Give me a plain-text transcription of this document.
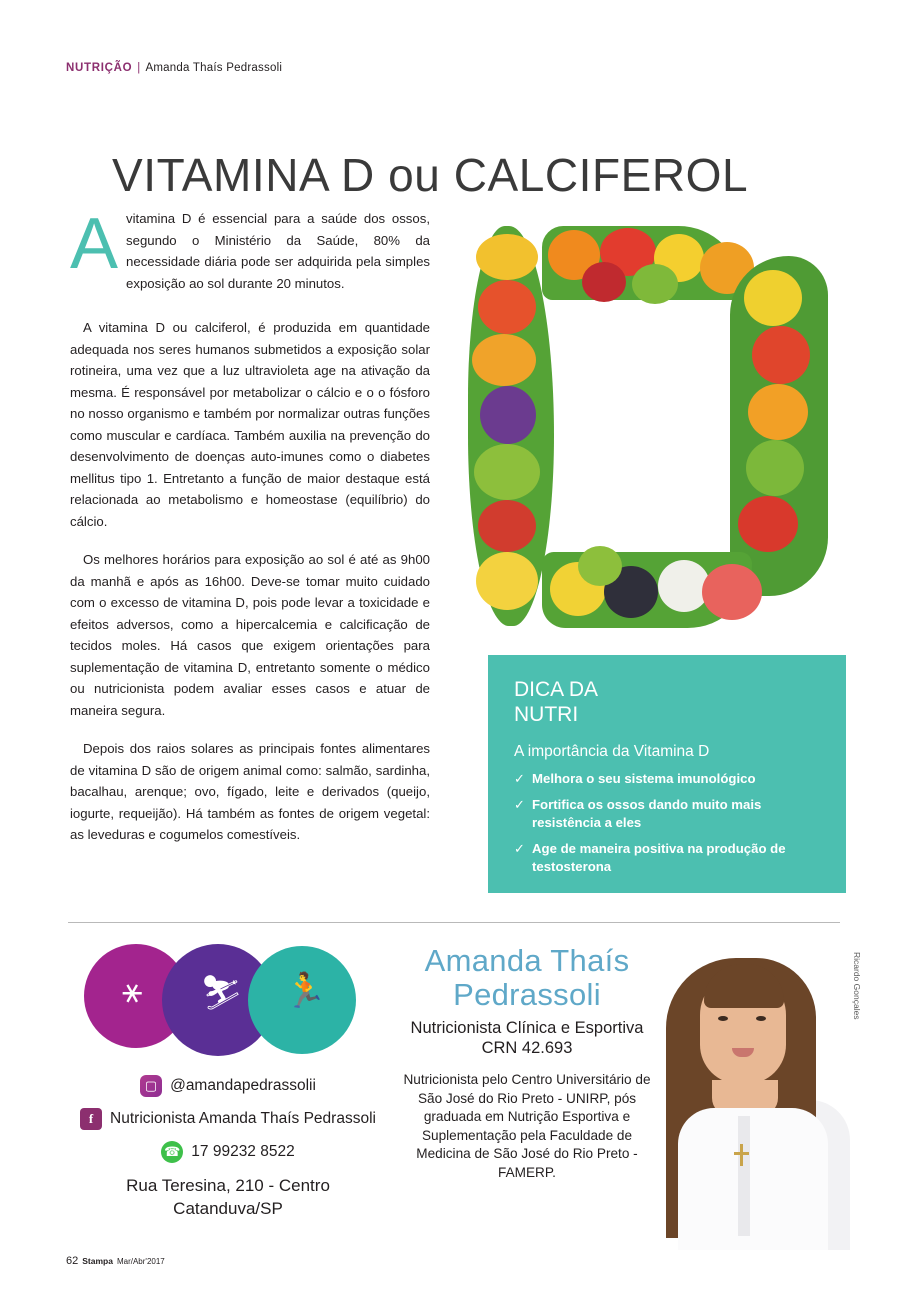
NUTRIÇÃO | Amanda Thaís Pedrassoli
VITAMINA D ou CALCIFEROL

A vitamina D é essencial para a saúde dos ossos, segundo o Ministério da Saúde, 80% da necessidade diária pode ser adquirida pela simples exposição ao sol durante 20 minutos.

A vitamina D ou calciferol, é produzida em quantidade adequada nos seres humanos submetidos a exposição solar rotineira, uma vez que a luz ultravioleta age na ativação da mesma. É responsável por metabolizar o cálcio e o o fósforo no nosso organismo e também por normalizar outras funções como muscular e cardíaca. Também auxilia na prevenção do desenvolvimento de doenças auto-imunes como o diabetes mellitus tipo 1. Entretanto a função de maior destaque está relacionada ao metabolismo e homeostase (equilíbrio) do cálcio.

Os melhores horários para exposição ao sol é até as 9h00 da manhã e após as 16h00. Deve-se tomar muito cuidado com o excesso de vitamina D, pois pode levar a toxicidade e efeitos adversos, como a hipercalcemia e calcificação de tecidos moles. Há casos que exigem orientações para suplementação de vitamina D, entretanto somente o médico ou nutricionista podem avaliar esses casos e atuar de maneira segura.

Depois dos raios solares as principais fontes alimentares de vitamina D são de origem animal como: salmão, sardinha, bacalhau, arenque; ovo, fígado, leite e derivados (queijo, iogurte, requeijão). Há também as fontes de origem vegetal: as leveduras e cogumelos comestíveis.

DICA DA
NUTRI
A importância da Vitamina D
✓ Melhora o seu sistema imunológico
✓ Fortifica os ossos dando muito mais resistência a eles
✓ Age de maneira positiva na produção de testosterona
⚹ ⛷ 🏃
▢ @amandapedrassolii
f	Nutricionista Amanda Thaís Pedrassoli
☎ 17 99232 8522
Rua Teresina, 210 - Centro
Catanduva/SP
Amanda Thaís
Pedrassoli
Nutricionista Clínica e Esportiva
CRN 42.693
Nutricionista pelo Centro Universitário de São José do Rio Preto - UNIRP, pós graduada em Nutrição Esportiva e Suplementação pela Faculdade de Medicina de São José do Rio Preto - FAMERP.
Ricardo Gonçales
62 Stampa Mar/Abr'2017
